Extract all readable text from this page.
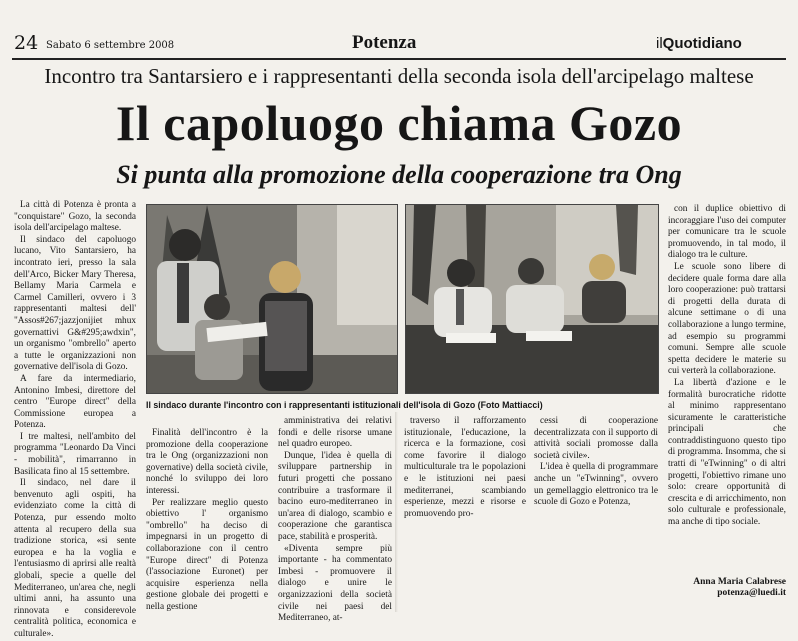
24 Sabato 6 settembre 2008	Potenza	ilQuotidiano
Incontro tra Santarsiero e i rappresentanti della seconda isola dell'arcipelago maltese
Il capoluogo chiama Gozo
Si punta alla promozione della cooperazione tra Ong

La città di Potenza è pronta a "conquistare" Gozo, la seconda isola dell'arcipelago maltese.

Il sindaco del capoluogo lucano, Vito Santarsiero, ha incontrato ieri, presso la sala dell'Arco, Bicker Mary Theresa, Bellamy Maria Carmela e Carmel Camilleri, ovvero i 3 rappresentanti maltesi dell' "Assos#267;jazzjonijiet mhux governattivi G&#295;awdxin", un organismo "ombrello" aperto a tutte le organizzazioni non governative dell'isola di Gozo.

A fare da intermediario, Antonino Imbesi, direttore del centro "Europe direct" della Commissione europea a Potenza.

I tre maltesi, nell'ambito del programma "Leonardo Da Vinci - mobilità", rimarranno in Basilicata fino al 15 settembre.

Il sindaco, nel dare il benvenuto agli ospiti, ha evidenziato come la città di Potenza, pur essendo molto attenta al recupero della sua tradizione storica, «si sente europea e ha la voglia e l'entusiasmo di aprirsi alle realtà globali, specie a quelle del Mediterraneo, un'area che, negli ultimi anni, ha assunto una rinnovata e considerevole centralità politica, economica e culturale».

Il sindaco durante l'incontro con i rappresentanti istituzionali dell'isola di Gozo (Foto Mattiacci)

Finalità dell'incontro è la promozione della cooperazione tra le Ong (organizzazioni non governative) della società civile, nonché lo sviluppo dei loro interessi.

Per realizzare meglio questo obiettivo l' organismo "ombrello" ha deciso di impegnarsi in un progetto di collaborazione con il centro "Europe direct" di Potenza (l'associazione Euronet) per acquisire esperienza nella gestione globale dei progetti e nella gestione

amministrativa dei relativi fondi e delle risorse umane nel quadro europeo.

Dunque, l'idea è quella di sviluppare partnership in futuri progetti che possano contribuire a trasformare il bacino euro-mediterraneo in un'area di dialogo, scambio e cooperazione che garantisca pace, stabilità e prosperità.

«Diventa sempre più importante - ha commentato Imbesi - promuovere il dialogo e unire le organizzazioni della società civile nei paesi del Mediterraneo, at-

traverso il rafforzamento istituzionale, l'educazione, la ricerca e la formazione, così come favorire il dialogo multiculturale tra le popolazioni e le istituzioni nei paesi mediterranei, scambiando esperienze, mezzi e risorse e promuovendo pro-

cessi di cooperazione decentralizzata con il supporto di attività sociali promosse dalla società civile».

L'idea è quella di programmare anche un "eTwinning", ovvero un gemellaggio elettronico tra le scuole di Gozo e Potenza,

con il duplice obiettivo di incoraggiare l'uso dei computer per comunicare tra le scuole promuovendo, in tal modo, il dialogo tra le culture.

Le scuole sono libere di decidere quale forma dare alla loro cooperazione: può trattarsi di progetti della durata di alcune settimane o di una collaborazione a lungo termine, ad esempio su programmi comuni. Sempre alle scuole spetta decidere le materie su cui verterà la collaborazione.

La libertà d'azione e le formalità burocratiche ridotte al minimo rappresentano sicuramente le caratteristiche principali che contraddistinguono questo tipo di programma. Insomma, che si tratti di "eTwinning" o di altri progetti, l'obiettivo rimane uno solo: creare opportunità di crescita e di arricchimento, non solo culturale e professionale, ma anche di tipo sociale.

Anna Maria Calabrese
potenza@luedi.it
